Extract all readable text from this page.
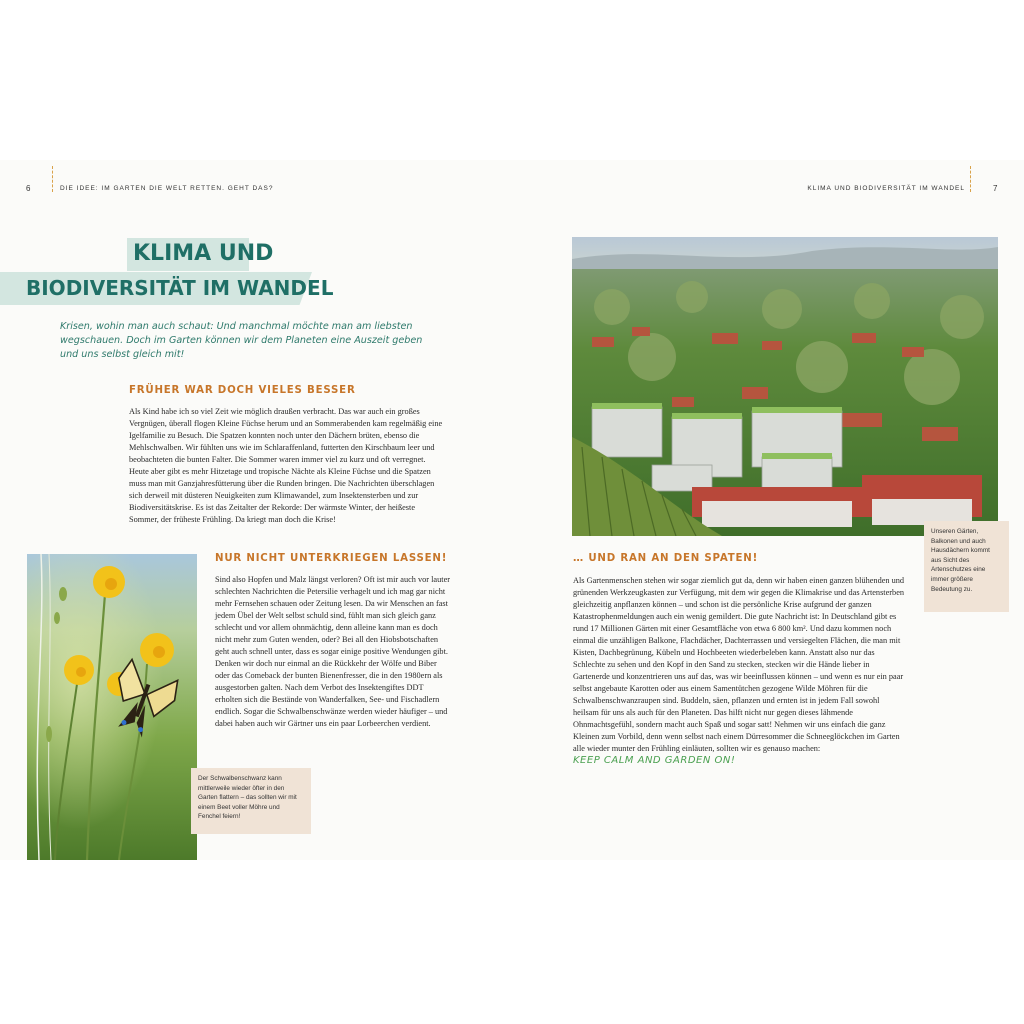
6	DIE IDEE: IM GARTEN DIE WELT RETTEN. GEHT DAS?	KLIMA UND BIODIVERSITÄT IM WANDEL	7
KLIMA UND
BIODIVERSITÄT IM WANDEL
Krisen, wohin man auch schaut: Und manchmal möchte man am liebsten wegschauen. Doch im Garten können wir dem Planeten eine Auszeit geben und uns selbst gleich mit!
FRÜHER WAR DOCH VIELES BESSER
Als Kind habe ich so viel Zeit wie möglich draußen verbracht. Das war auch ein großes Vergnügen, überall flogen Kleine Füchse herum und an Sommerabenden kam regelmäßig eine Igelfamilie zu Besuch. Die Spatzen konnten noch unter den Dächern brüten, ebenso die Mehlschwalben. Wir fühlten uns wie im Schlaraffenland, futterten den Kirschbaum leer und beobachteten die bunten Falter. Die Sommer waren immer viel zu kurz und oft verregnet. Heute aber gibt es mehr Hitzetage und tropische Nächte als Kleine Füchse und die Spatzen muss man mit Ganzjahresfütterung über die Runden bringen. Die Nachrichten überschlagen sich derweil mit düsteren Neuigkeiten zum Klimawandel, zum Insektensterben und zur Biodiversitätskrise. Es ist das Zeitalter der Rekorde: Der wärmste Winter, der heißeste Sommer, der früheste Frühling. Da kriegt man doch die Krise!
NUR NICHT UNTERKRIEGEN LASSEN!
Sind also Hopfen und Malz längst verloren? Oft ist mir auch vor lauter schlechten Nachrichten die Petersilie verhagelt und ich mag gar nicht mehr Fernsehen schauen oder Zeitung lesen. Da wir Menschen an fast jedem Übel der Welt selbst schuld sind, fühlt man sich gleich ganz schlecht und vor allem ohnmächtig, denn alleine kann man es doch nicht mehr zum Guten wenden, oder? Bei all den Hiobsbotschaften geht auch schnell unter, dass es sogar einige positive Wendungen gibt. Denken wir doch nur einmal an die Rückkehr der Wölfe und Biber oder das Comeback der bunten Bienenfresser, die in den 1980ern als ausgestorben galten. Nach dem Verbot des Insektengiftes DDT erholten sich die Bestände von Wanderfalken, See- und Fischadlern endlich. Sogar die Schwalbenschwänze werden wieder häufiger – und dabei haben auch wir Gärtner uns ein paar Lorbeerchen verdient.
Der Schwalbenschwanz kann mittlerweile wieder öfter in den Garten flattern – das sollten wir mit einem Beet voller Möhre und Fenchel feiern!
Unseren Gärten, Balkonen und auch Hausdächern kommt aus Sicht des Artenschutzes eine immer größere Bedeutung zu.
… UND RAN AN DEN SPATEN!
Als Gartenmenschen stehen wir sogar ziemlich gut da, denn wir haben einen ganzen blühenden und grünenden Werkzeugkasten zur Verfügung, mit dem wir gegen die Klimakrise und das Artensterben gleichzeitig anpflanzen können – und schon ist die persönliche Krise aufgrund der ganzen Katastrophenmeldungen auch ein wenig gemildert. Die gute Nachricht ist: In Deutschland gibt es rund 17 Millionen Gärten mit einer Gesamtfläche von etwa 6 800 km². Und dazu kommen noch einmal die unzähligen Balkone, Flachdächer, Dachterrassen und versiegelten Flächen, die man mit Kisten, Dachbegrünung, Kübeln und Hochbeeten wiederbeleben kann. Anstatt also nur das Schlechte zu sehen und den Kopf in den Sand zu stecken, stecken wir die Hände lieber in Gartenerde und konzentrieren uns auf das, was wir beeinflussen können – und wenn es nur ein paar selbst angebaute Karotten oder aus einem Samentütchen gezogene Wilde Möhren für die Schwalbenschwanzraupen sind. Buddeln, säen, pflanzen und ernten ist in jedem Fall sowohl heilsam für uns als auch für den Planeten. Das hilft nicht nur gegen dieses lähmende Ohnmachtsgefühl, sondern macht auch Spaß und sogar satt! Nehmen wir uns einfach die ganz Kleinen zum Vorbild, denn wenn selbst nach einem Dürresommer die Schneeglöckchen im Garten alle wieder munter den Frühling einläuten, sollten wir es genauso machen:
KEEP CALM AND GARDEN ON!
